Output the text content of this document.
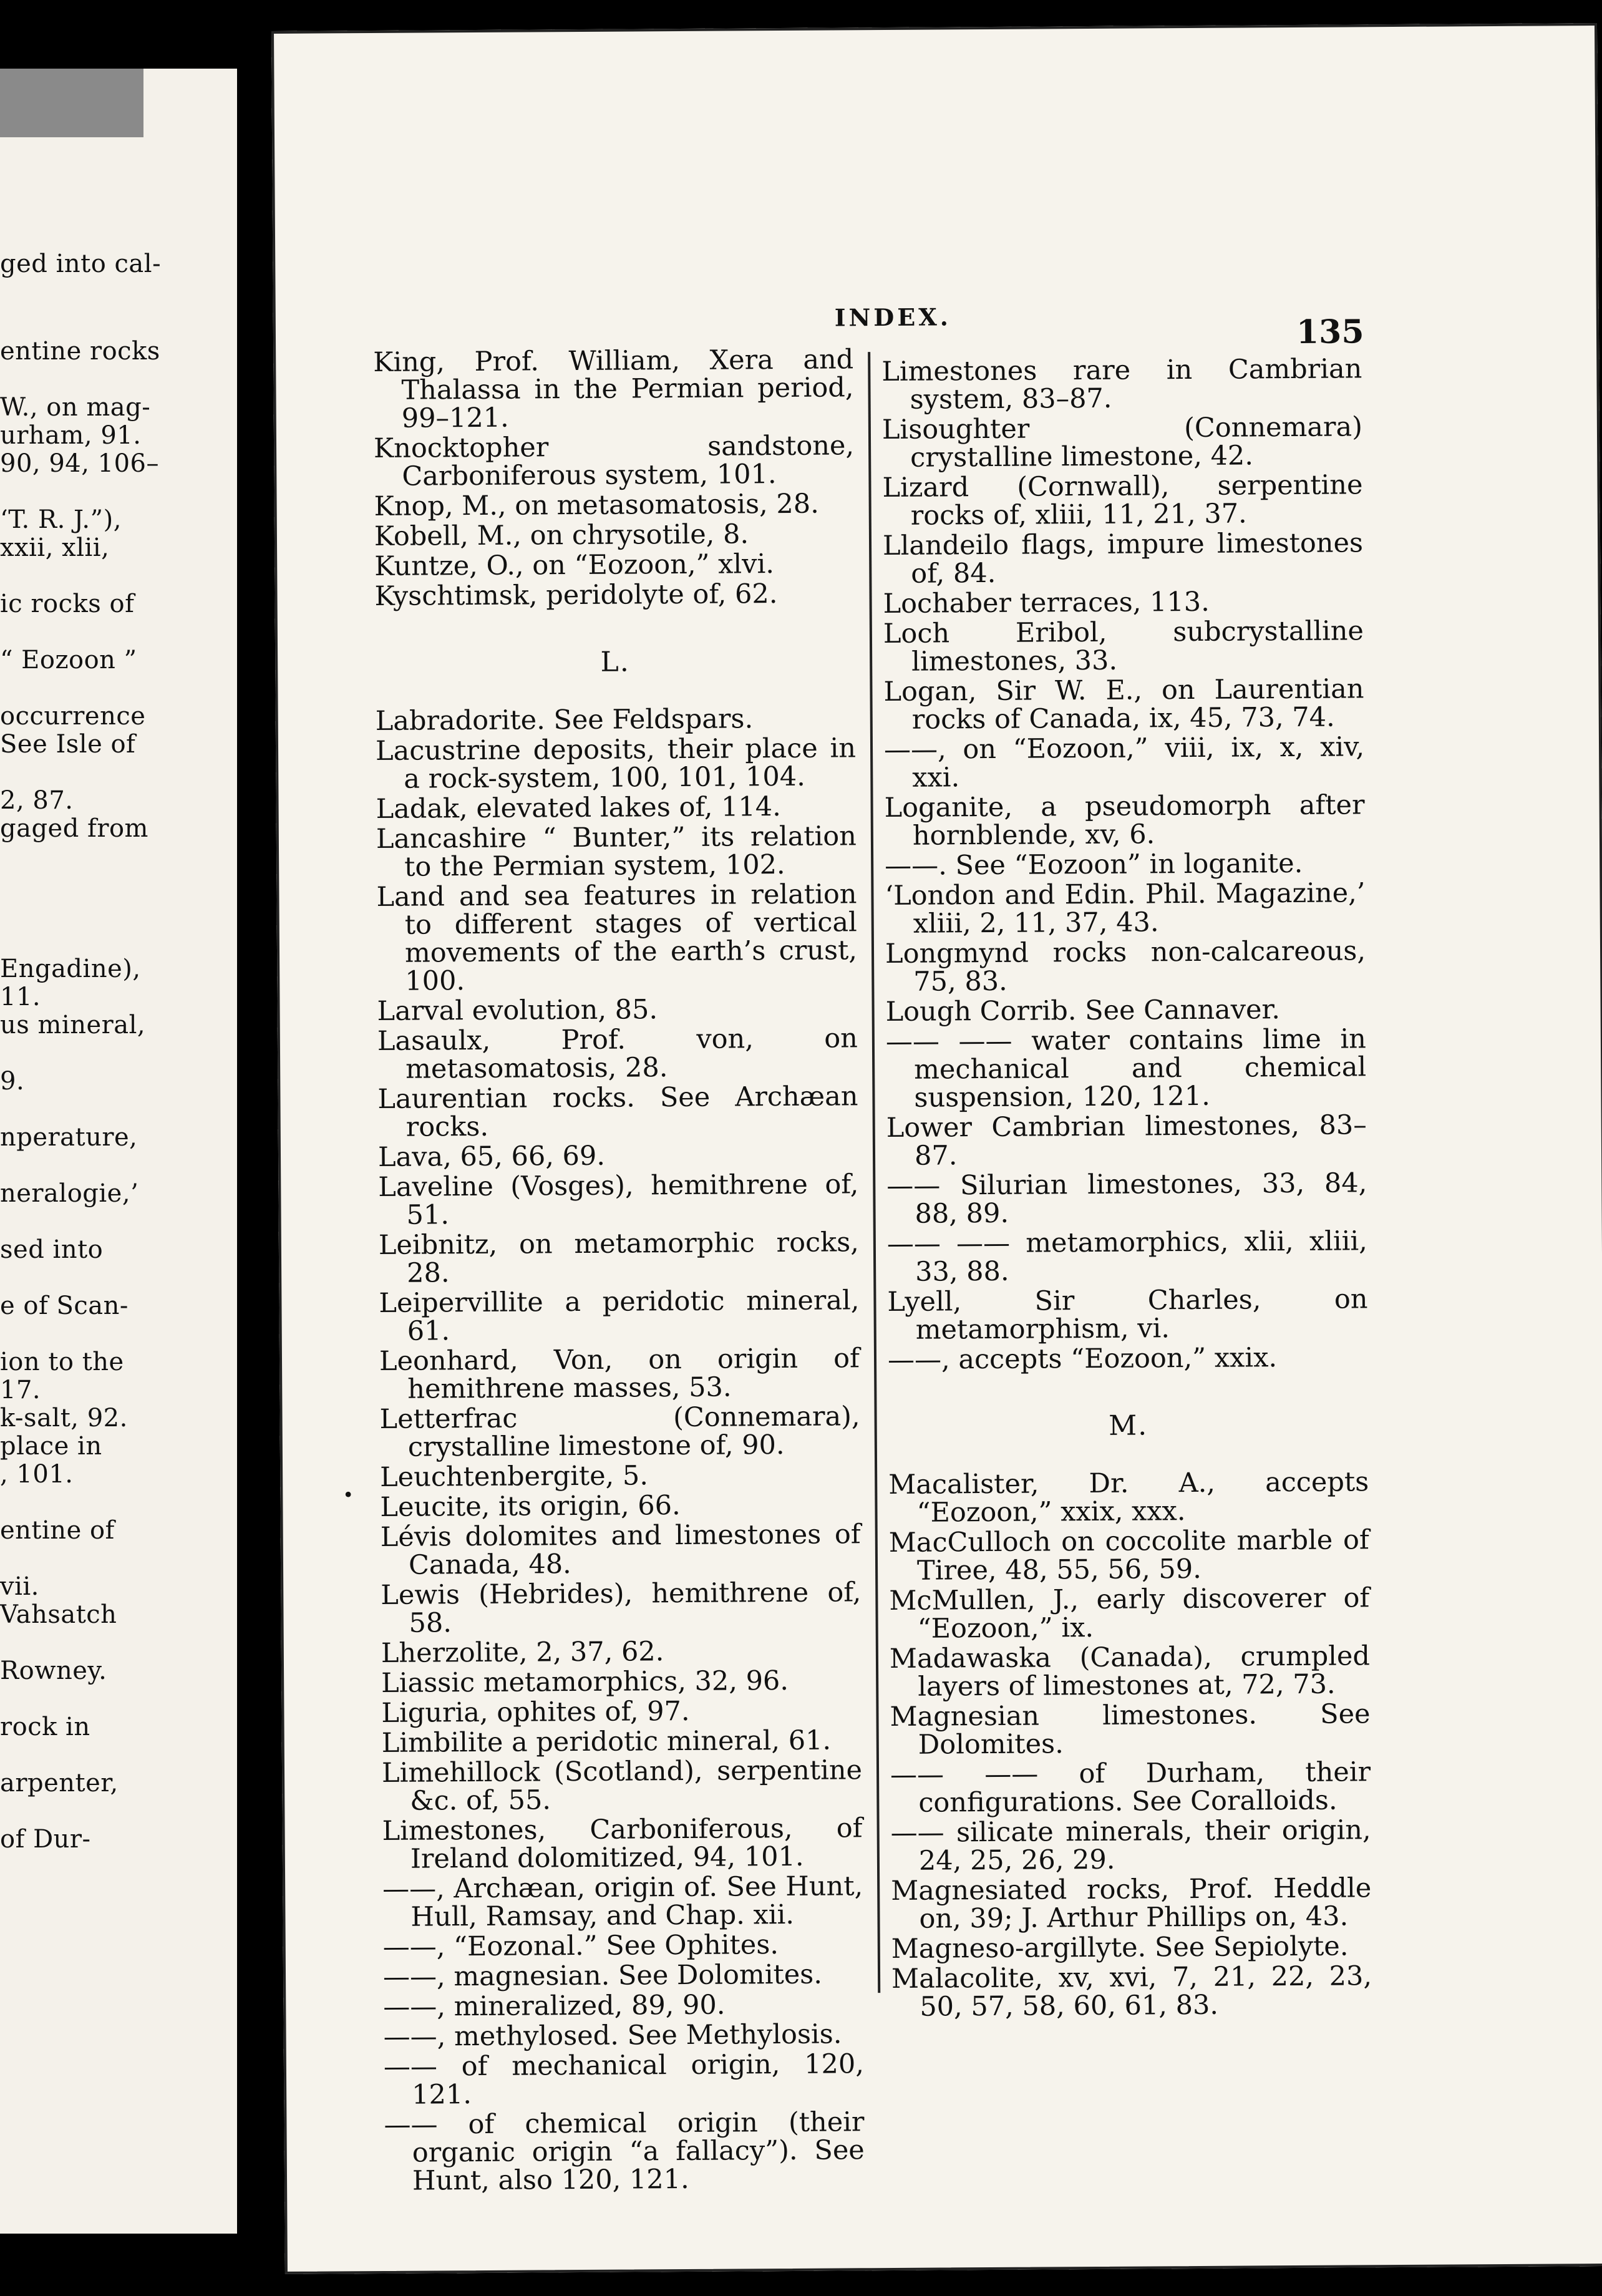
ged into cal-
entine rocks
W., on mag-
urham, 91.
90, 94, 106–
‘T. R. J.”),
xxii, xlii,
ic rocks of
“ Eozoon ”
occurrence
See Isle of
2, 87.
gaged from
Engadine),
11.
us mineral,
9.
nperature,
neralogie,’
sed into
e of Scan-
ion to the
17.
k-salt, 92.
place in
, 101.
entine of
vii.
Vahsatch
Rowney.
rock in
arpenter,
of Dur-
INDEX.	135
King, Prof. William, Xera and Thalassa in the Permian period, 99–121.
Knocktopher sandstone, Carboniferous system, 101.
Knop, M., on metasomatosis, 28.
Kobell, M., on chrysotile, 8.
Kuntze, O., on “Eozoon,” xlvi.
Kyschtimsk, peridolyte of, 62.
L.
Labradorite. See Feldspars.
Lacustrine deposits, their place in a rock-system, 100, 101, 104.
Ladak, elevated lakes of, 114.
Lancashire “ Bunter,” its relation to the Permian system, 102.
Land and sea features in relation to different stages of vertical movements of the earth’s crust, 100.
Larval evolution, 85.
Lasaulx, Prof. von, on metasomatosis, 28.
Laurentian rocks. See Archæan rocks.
Lava, 65, 66, 69.
Laveline (Vosges), hemithrene of, 51.
Leibnitz, on metamorphic rocks, 28.
Leipervillite a peridotic mineral, 61.
Leonhard, Von, on origin of hemithrene masses, 53.
Letterfrac (Connemara), crystalline limestone of, 90.
Leuchtenbergite, 5.
Leucite, its origin, 66.
Lévis dolomites and limestones of Canada, 48.
Lewis (Hebrides), hemithrene of, 58.
Lherzolite, 2, 37, 62.
Liassic metamorphics, 32, 96.
Liguria, ophites of, 97.
Limbilite a peridotic mineral, 61.
Limehillock (Scotland), serpentine &c. of, 55.
Limestones, Carboniferous, of Ireland dolomitized, 94, 101.
——, Archæan, origin of. See Hunt, Hull, Ramsay, and Chap. xii.
——, “Eozonal.” See Ophites.
——, magnesian. See Dolomites.
——, mineralized, 89, 90.
——, methylosed. See Methylosis.
—— of mechanical origin, 120, 121.
—— of chemical origin (their organic origin “a fallacy”). See Hunt, also 120, 121.
Limestones rare in Cambrian system, 83–87.
Lisoughter (Connemara) crystalline limestone, 42.
Lizard (Cornwall), serpentine rocks of, xliii, 11, 21, 37.
Llandeilo flags, impure limestones of, 84.
Lochaber terraces, 113.
Loch Eribol, subcrystalline limestones, 33.
Logan, Sir W. E., on Laurentian rocks of Canada, ix, 45, 73, 74.
——, on “Eozoon,” viii, ix, x, xiv, xxi.
Loganite, a pseudomorph after hornblende, xv, 6.
——. See “Eozoon” in loganite.
‘London and Edin. Phil. Magazine,’ xliii, 2, 11, 37, 43.
Longmynd rocks non-calcareous, 75, 83.
Lough Corrib. See Cannaver.
—— —— water contains lime in mechanical and chemical suspension, 120, 121.
Lower Cambrian limestones, 83–87.
—— Silurian limestones, 33, 84, 88, 89.
—— —— metamorphics, xlii, xliii, 33, 88.
Lyell, Sir Charles, on metamorphism, vi.
——, accepts “Eozoon,” xxix.
M.
Macalister, Dr. A., accepts “Eozoon,” xxix, xxx.
MacCulloch on coccolite marble of Tiree, 48, 55, 56, 59.
McMullen, J., early discoverer of “Eozoon,” ix.
Madawaska (Canada), crumpled layers of limestones at, 72, 73.
Magnesian limestones. See Dolomites.
—— —— of Durham, their configurations. See Coralloids.
—— silicate minerals, their origin, 24, 25, 26, 29.
Magnesiated rocks, Prof. Heddle on, 39; J. Arthur Phillips on, 43.
Magneso-argillyte. See Sepiolyte.
Malacolite, xv, xvi, 7, 21, 22, 23, 50, 57, 58, 60, 61, 83.
•
